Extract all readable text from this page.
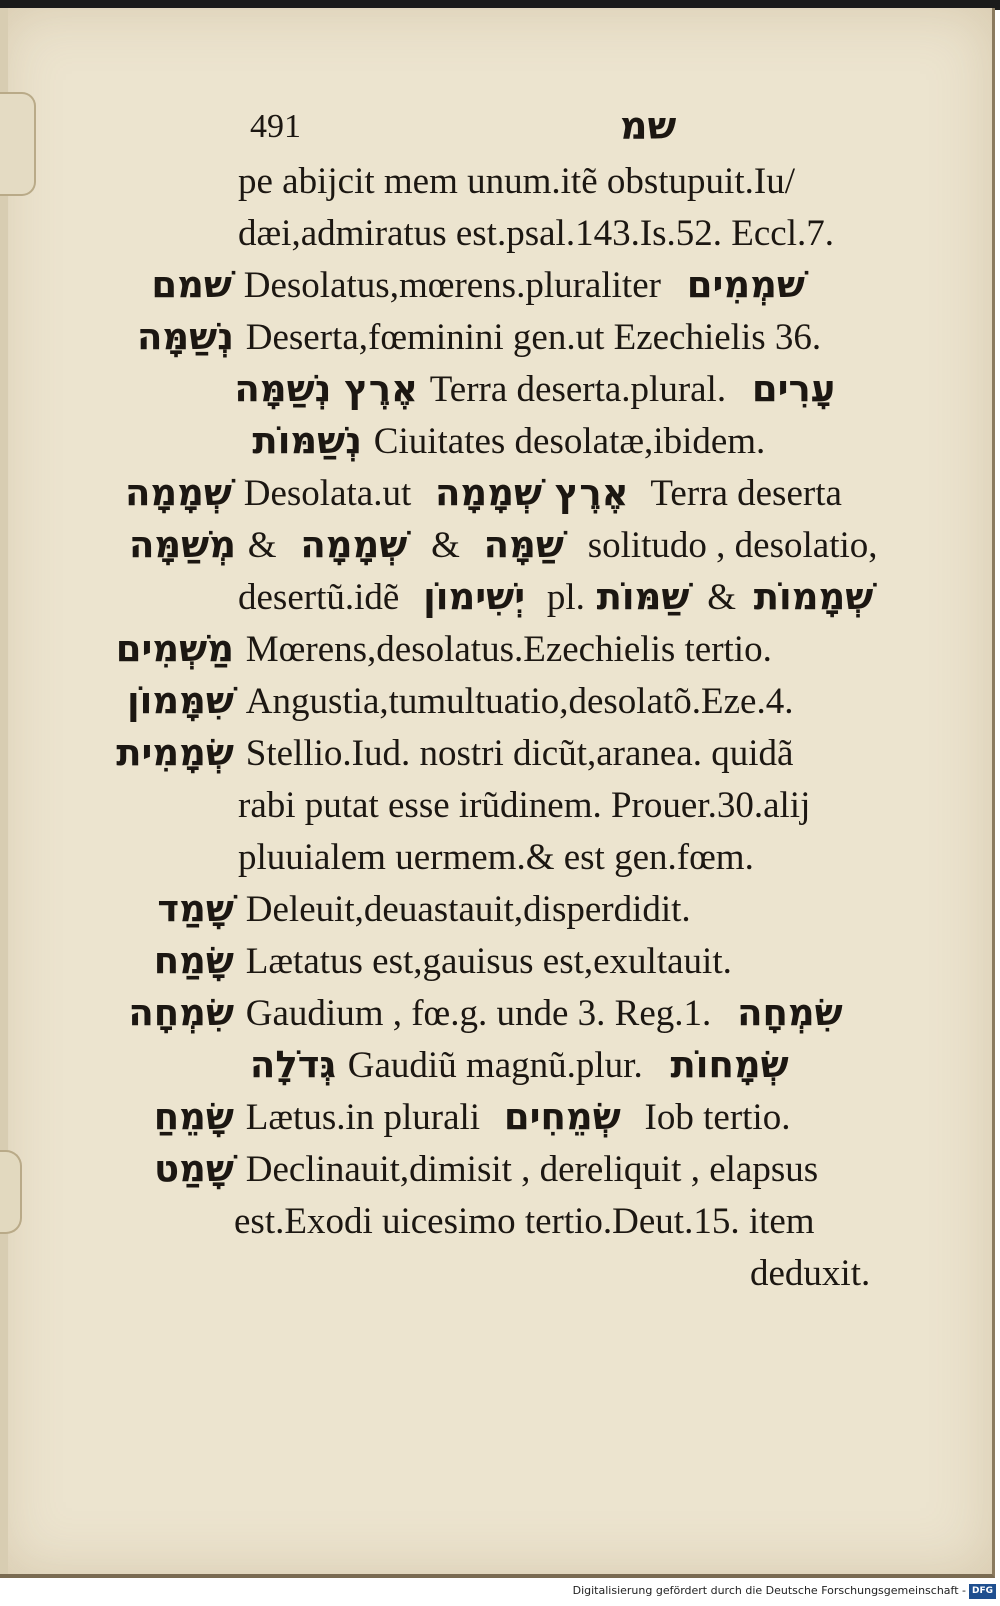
491	שמ
pe abijcit mem unum.itẽ obstupuit.Iu/
dæi,admiratus est.psal.143.Is.52. Eccl.7.
שׁמם Desolatus,mœrens.pluraliter שׁמְמִים
נְשַׁמָּה Deserta,fœminini gen.ut Ezechielis 36.
אֶרֶץ נְשַׁמָּה Terra deserta.plural. עָרִים
נְשַׁמּוֹת Ciuitates desolatæ,ibidem.
שְׁמָמָה Desolata.ut אֶרֶץ שְׁמָמָה Terra deserta
מְשַׁמָּה & שְׁמָמָה & שַׁמָּה solitudo , desolatio,
desertũ.idẽ יְשִׁימוֹן pl. שַׁמּוֹת & שְׁמָמוֹת
מַשְׁמִים Mœrens,desolatus.Ezechielis tertio.
שִׁמָּמוֹן Angustia,tumultuatio,desolatõ.Eze.4.
שְׂמָמִית Stellio.Iud. nostri dicũt,aranea. quidã
rabi putat esse irũdinem. Prouer.30.alij
pluuialem uermem.& est gen.fœm.
שָׁמַד Deleuit,deuastauit,disperdidit.
שָׂמַח Lætatus est,gauisus est,exultauit.
שִׂמְחָה Gaudium , fœ.g. unde 3. Reg.1. שִׂמְחָה
גְּדֹלָה Gaudiũ magnũ.plur. שְׂמָחוֹת
שָׂמֵחַ Lætus.in plurali שְׂמֵחִים Iob tertio.
שָׁמַט Declinauit,dimisit , dereliquit , elapsus
est.Exodi uicesimo tertio.Deut.15. item
deduxit.
Digitalisierung gefördert durch die Deutsche Forschungsgemeinschaft - DFG
